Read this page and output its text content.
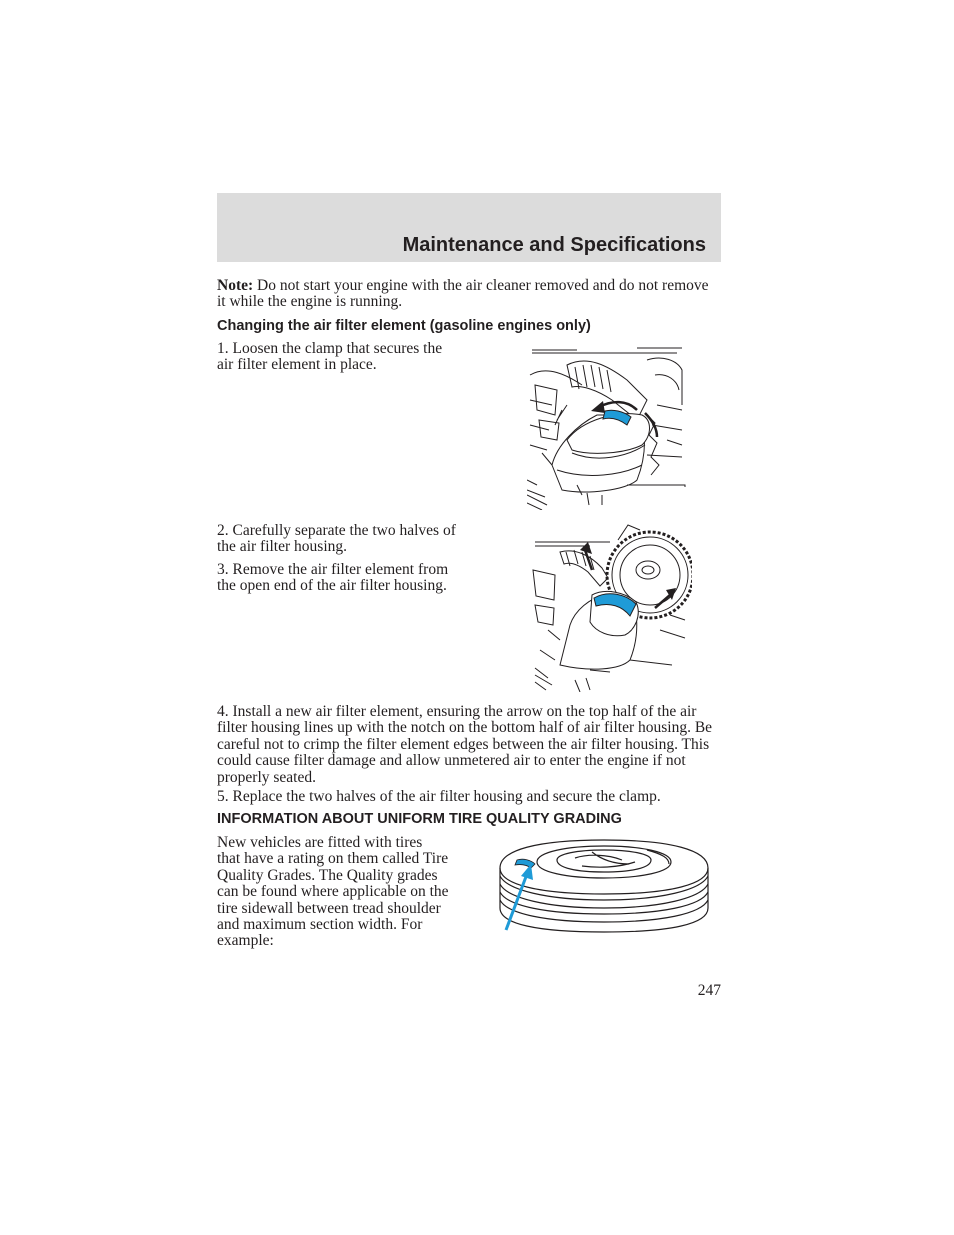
Maintenance and Specifications

Note: Do not start your engine with the air cleaner removed and do not remove it while the engine is running.

Changing the air filter element (gasoline engines only)

1. Loosen the clamp that secures the air filter element in place.

2. Carefully separate the two halves of the air filter housing.

3. Remove the air filter element from the open end of the air filter housing.

4. Install a new air filter element, ensuring the arrow on the top half of the air filter housing lines up with the notch on the bottom half of air filter housing. Be careful not to crimp the filter element edges between the air filter housing. This could cause filter damage and allow unmetered air to enter the engine if not properly seated.

5. Replace the two halves of the air filter housing and secure the clamp.

INFORMATION ABOUT UNIFORM TIRE QUALITY GRADING

New vehicles are fitted with tires that have a rating on them called Tire Quality Grades. The Quality grades can be found where applicable on the tire sidewall between tread shoulder and maximum section width. For example:

247
